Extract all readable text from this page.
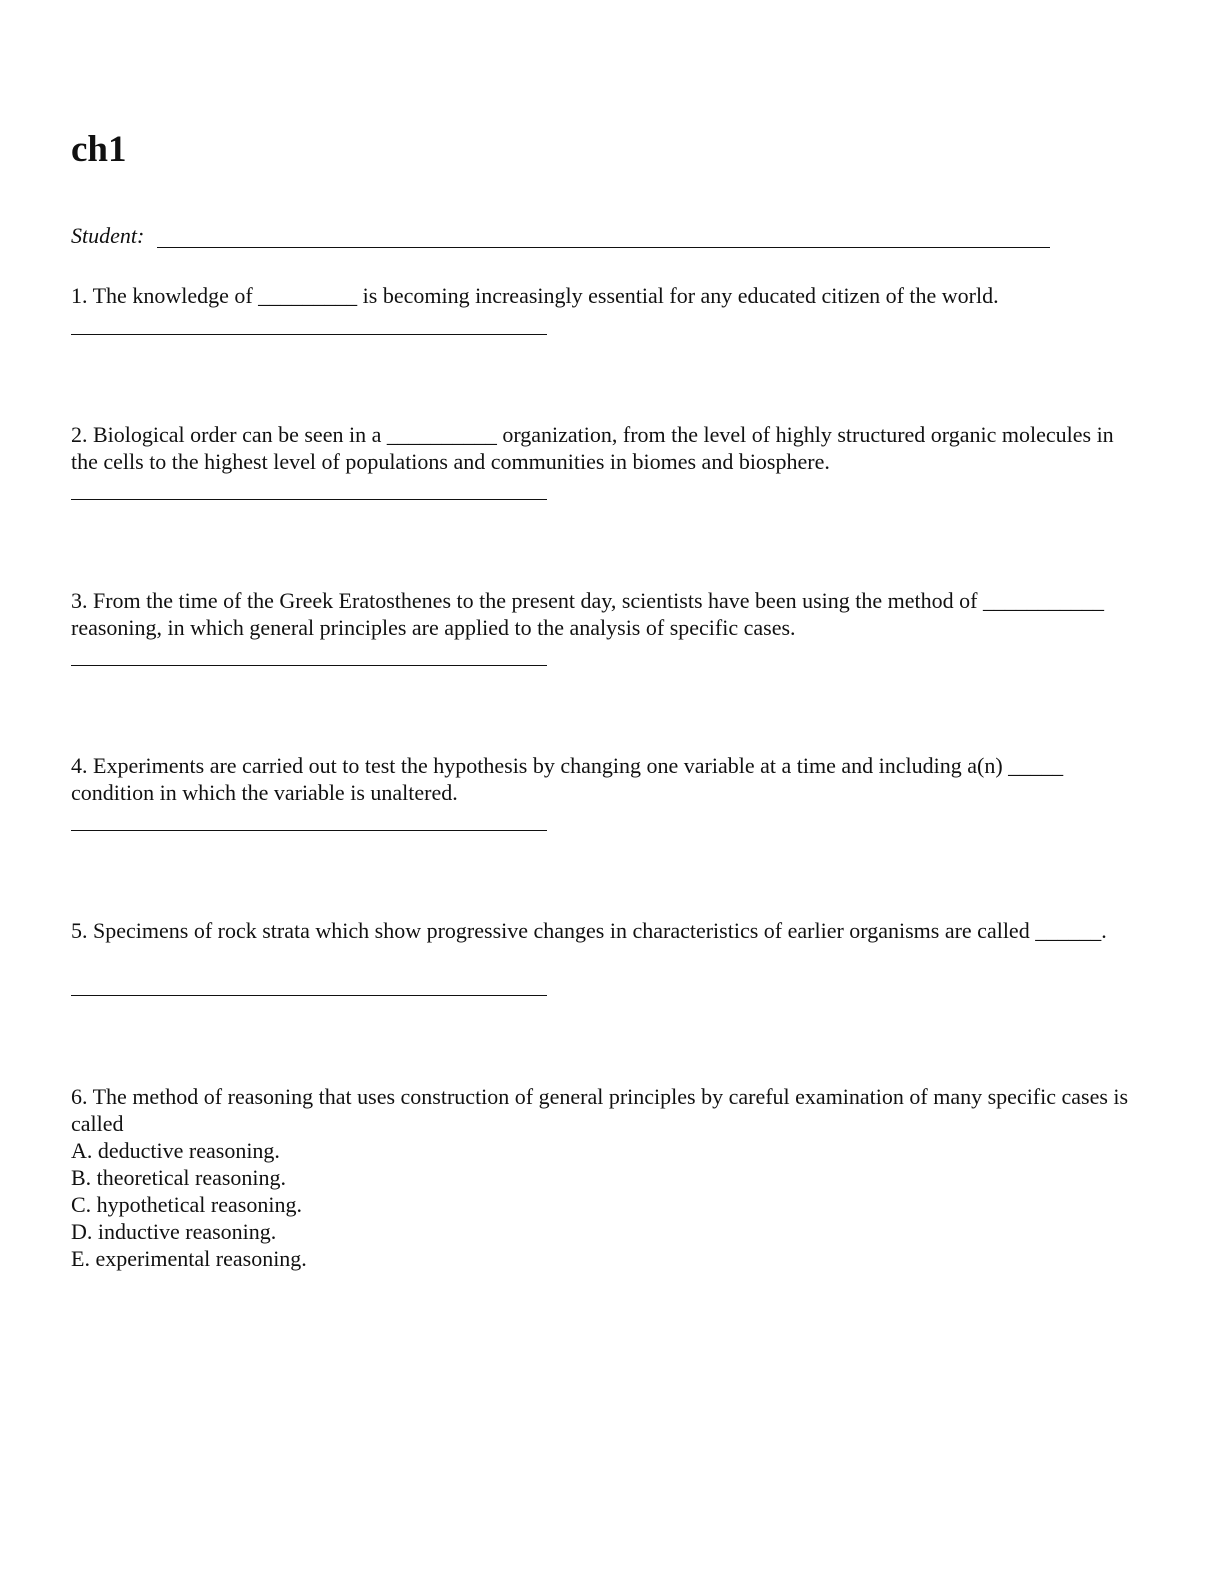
ch1
Student:
1. The knowledge of _________ is becoming increasingly essential for any educated citizen of the world.
2. Biological order can be seen in a __________ organization, from the level of highly structured organic molecules in the cells to the highest level of populations and communities in biomes and biosphere.
3. From the time of the Greek Eratosthenes to the present day, scientists have been using the method of ___________ reasoning, in which general principles are applied to the analysis of specific cases.
4. Experiments are carried out to test the hypothesis by changing one variable at a time and including a(n) _____ condition in which the variable is unaltered.
5. Specimens of rock strata which show progressive changes in characteristics of earlier organisms are called ______.
6. The method of reasoning that uses construction of general principles by careful examination of many specific cases is called
A. deductive reasoning.
B. theoretical reasoning.
C. hypothetical reasoning.
D. inductive reasoning.
E. experimental reasoning.
